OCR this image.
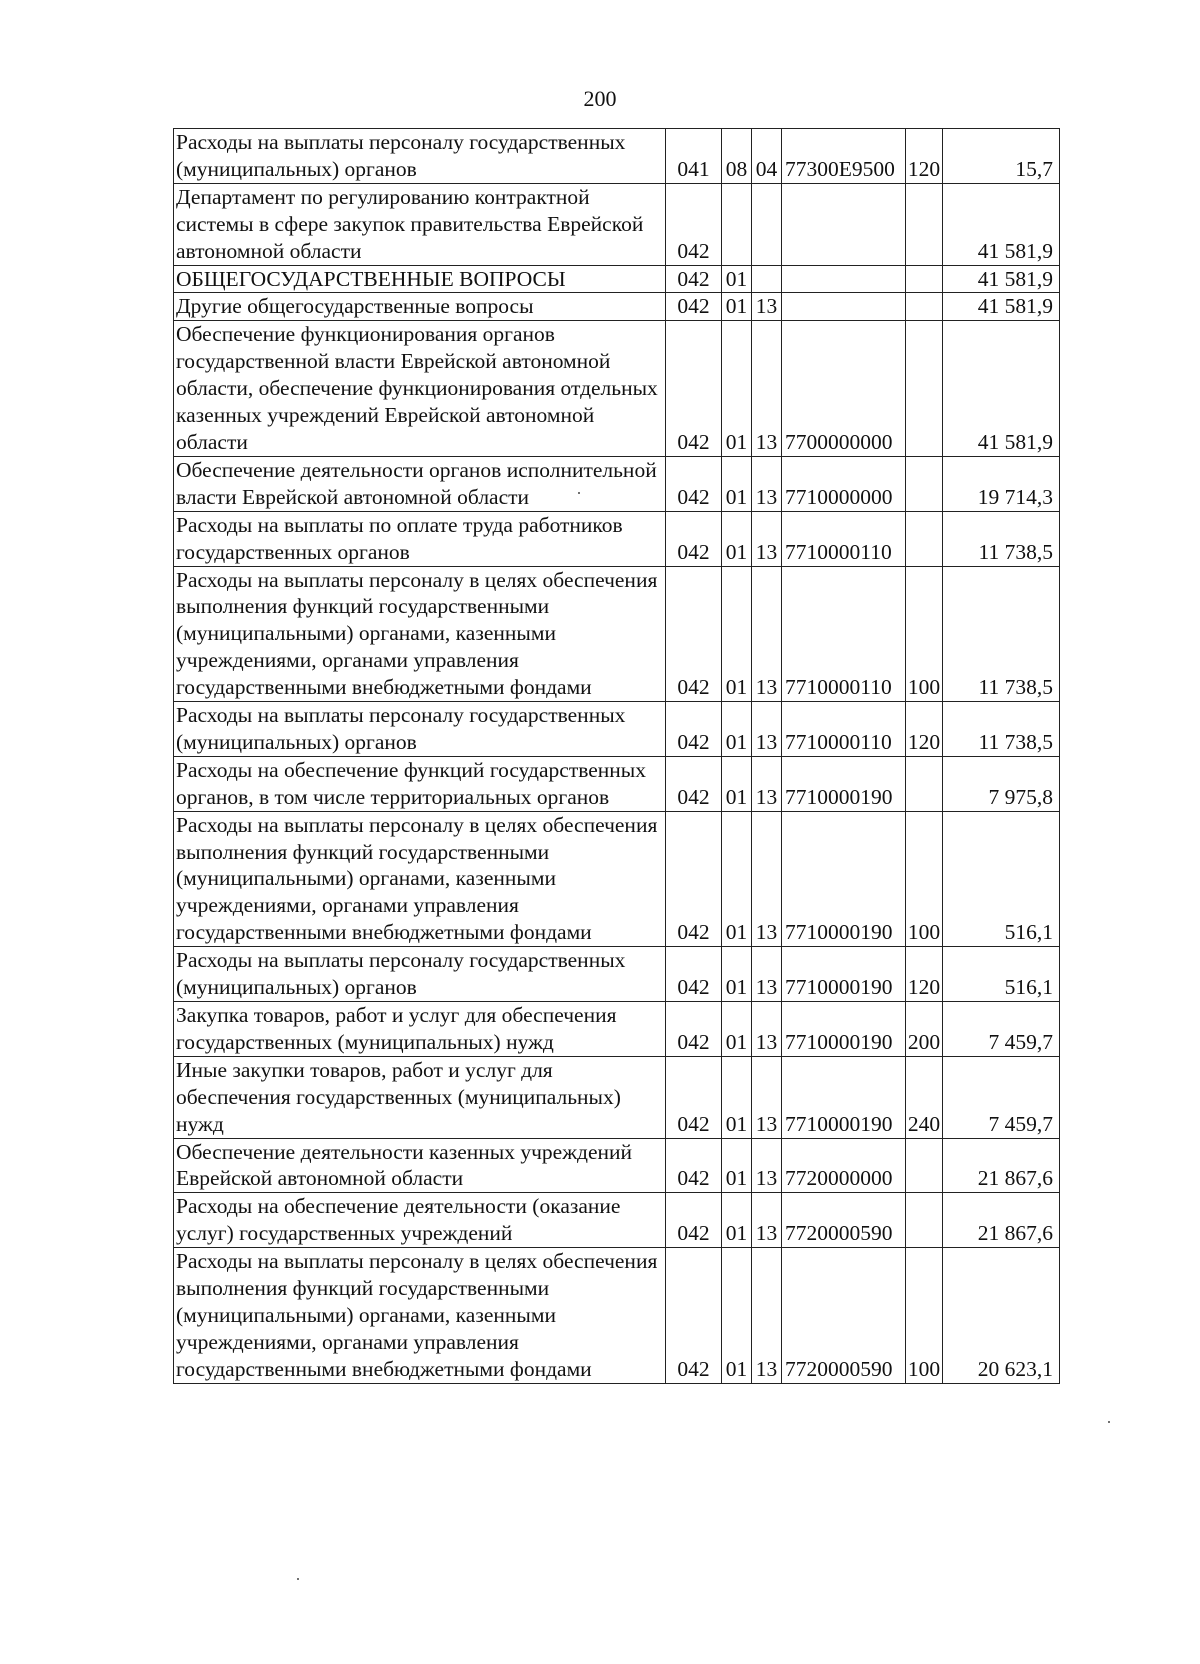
200
Расходы на выплаты персоналу государственных (муниципальных) органов	041	08	04	77300Е9500	120	15,7
Департамент по регулированию контрактной системы в сфере закупок правительства Еврейской автономной области	042					41 581,9
ОБЩЕГОСУДАРСТВЕННЫЕ ВОПРОСЫ	042	01				41 581,9
Другие общегосударственные вопросы	042	01	13			41 581,9
Обеспечение функционирования органов государственной власти Еврейской автономной области, обеспечение функционирования отдельных казенных учреждений Еврейской автономной области	042	01	13	7700000000		41 581,9
Обеспечение деятельности органов исполнительной власти Еврейской автономной области	042	01	13	7710000000		19 714,3
Расходы на выплаты по оплате труда работников государственных органов	042	01	13	7710000110		11 738,5
Расходы на выплаты персоналу в целях обеспечения выполнения функций государственными (муниципальными) органами, казенными учреждениями, органами управления государственными внебюджетными фондами	042	01	13	7710000110	100	11 738,5
Расходы на выплаты персоналу государственных (муниципальных) органов	042	01	13	7710000110	120	11 738,5
Расходы на обеспечение функций государственных органов, в том числе территориальных органов	042	01	13	7710000190		7 975,8
Расходы на выплаты персоналу в целях обеспечения выполнения функций государственными (муниципальными) органами, казенными учреждениями, органами управления государственными внебюджетными фондами	042	01	13	7710000190	100	516,1
Расходы на выплаты персоналу государственных (муниципальных) органов	042	01	13	7710000190	120	516,1
Закупка товаров, работ и услуг для обеспечения государственных (муниципальных) нужд	042	01	13	7710000190	200	7 459,7
Иные закупки товаров, работ и услуг для обеспечения государственных (муниципальных) нужд	042	01	13	7710000190	240	7 459,7
Обеспечение деятельности казенных учреждений Еврейской автономной области	042	01	13	7720000000		21 867,6
Расходы на обеспечение деятельности (оказание услуг) государственных учреждений	042	01	13	7720000590		21 867,6
Расходы на выплаты персоналу в целях обеспечения выполнения функций государственными (муниципальными) органами, казенными учреждениями, органами управления государственными внебюджетными фондами	042	01	13	7720000590	100	20 623,1
